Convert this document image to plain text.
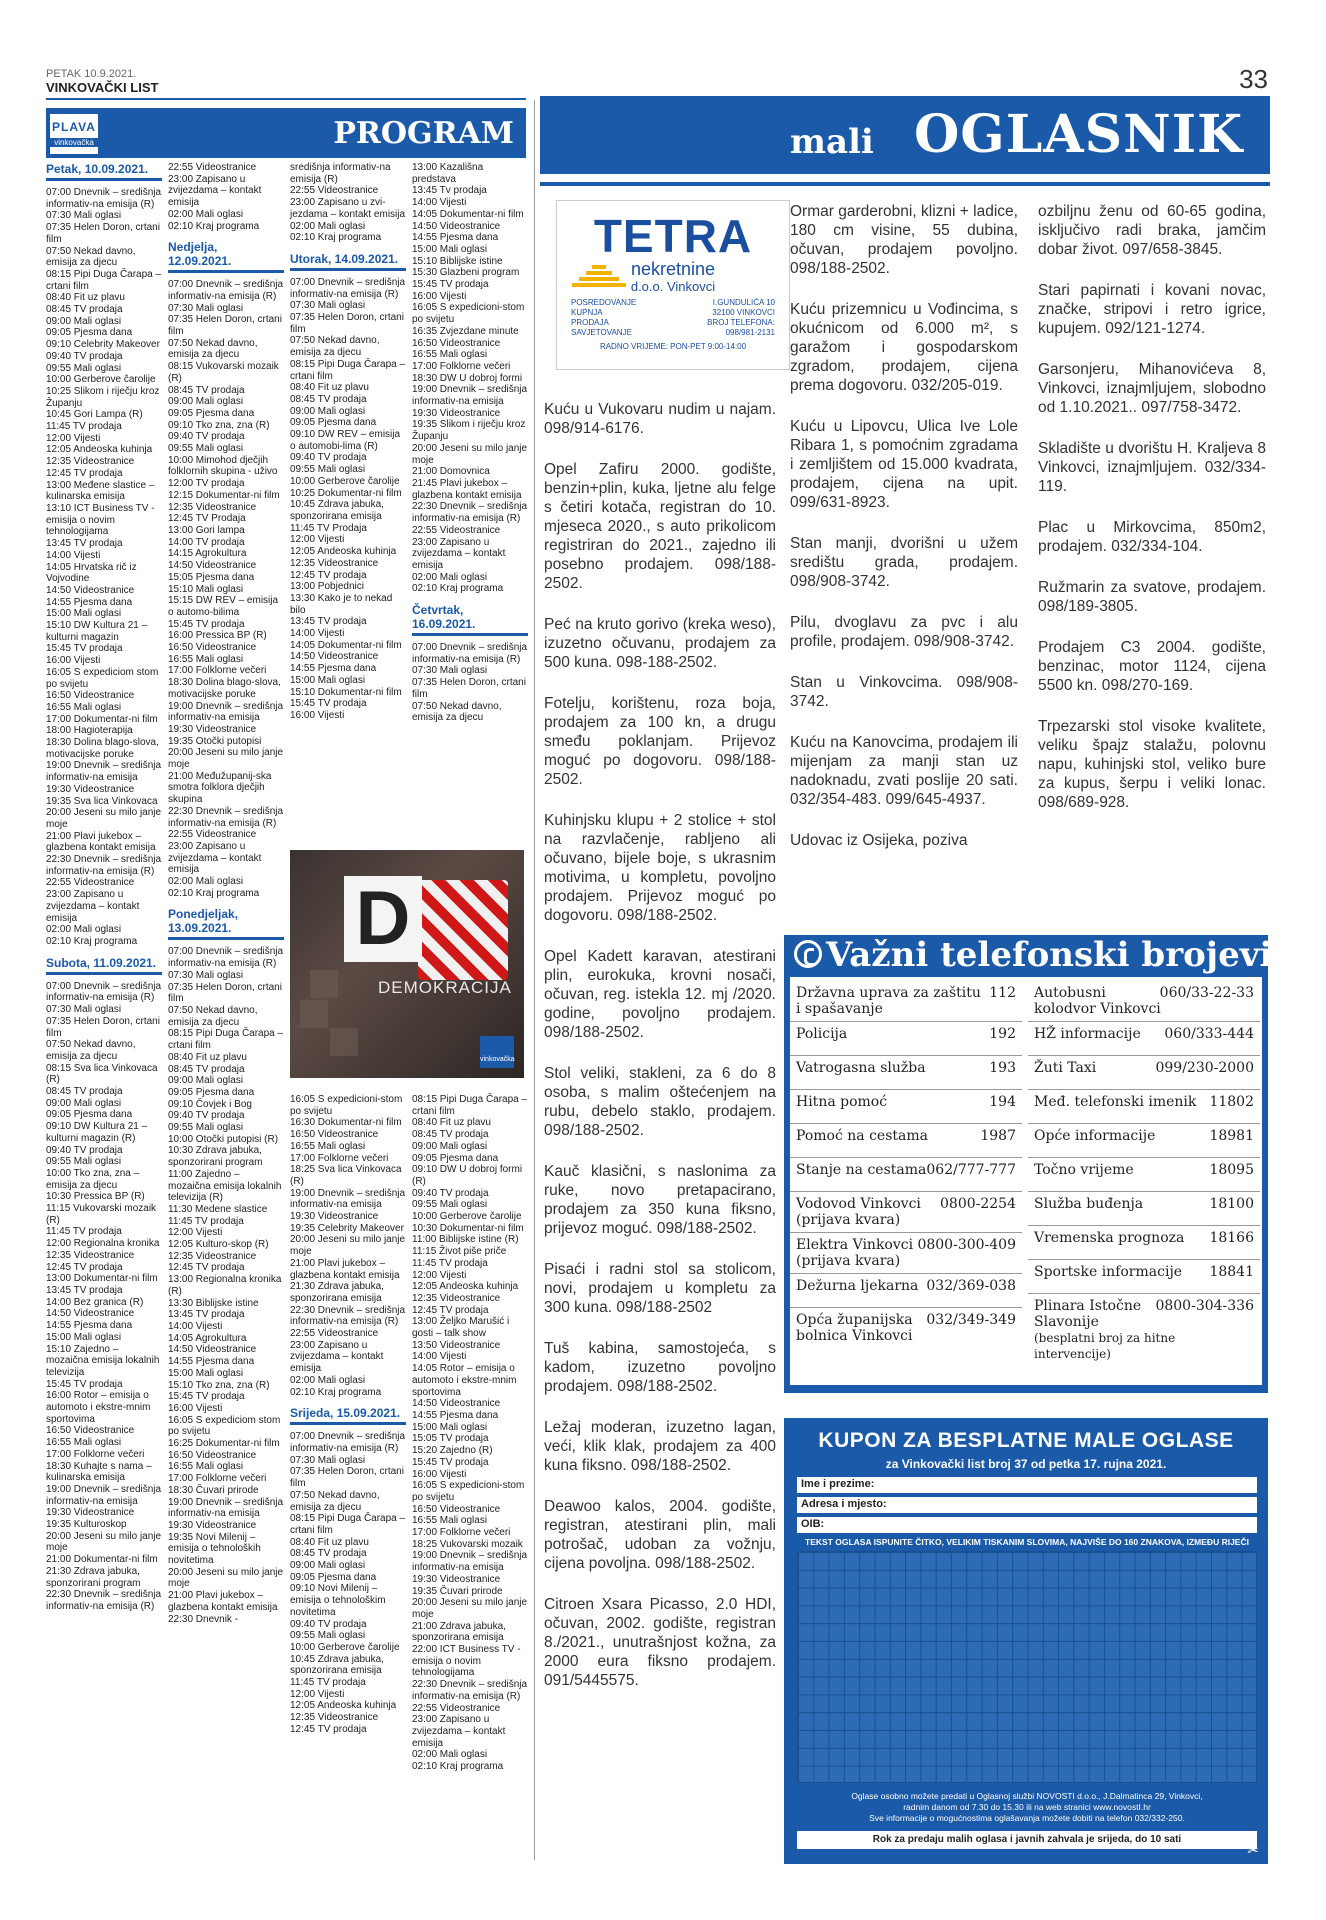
PETAK 10.9.2021.
VINKOVAČKI LIST	33
PLAVA
vinkovačka	PROGRAM
Petak, 10.09.2021.
07:00 Dnevnik – središnja informativ-na emisija (R)
07:30 Mali oglasi
07:35 Helen Doron, crtani film
07:50 Nekad davno, emisija za djecu
08:15 Pipi Duga Čarapa – crtani film
08:40 Fit uz plavu
08:45 TV prodaja
09:00 Mali oglasi
09:05 Pjesma dana
09:10 Celebrity Makeover
09:40 TV prodaja
09:55 Mali oglasi
10:00 Gerberove čarolije
10:25 Slikom i riječju kroz Županju
10:45 Gori Lampa (R)
11:45 TV prodaja
12:00 Vijesti
12:05 Andeoska kuhinja
12:35 Videostranice
12:45 TV prodaja
13:00 Međene slastice – kulinarska emisija
13:10 ICT Business TV - emisija o novim tehnologijama
13:45 TV prodaja
14:00 Vijesti
14:05 Hrvatska rič iz Vojvodine
14:50 Videostranice
14:55 Pjesma dana
15:00 Mali oglasi
15:10 DW Kultura 21 – kulturni magazin
15:45 TV prodaja
16:00 Vijesti
16:05 S expediciom stom po svijetu
16:50 Videostranice
16:55 Mali oglasi
17:00 Dokumentar-ni film
18:00 Hagioterapija
18:30 Dolina blago-slova, motivacijske poruke
19:00 Dnevnik – središnja informativ-na emisija
19:30 Videostranice
19:35 Sva lica Vinkovaca
20:00 Jeseni su milo janje moje
21:00 Plavi jukebox – glazbena kontakt emisija
22:30 Dnevnik – središnja informativ-na emisija (R)
22:55 Videostranice
23:00 Zapisano u zvijezdama – kontakt emisija
02:00 Mali oglasi
02:10 Kraj programa
Subota, 11.09.2021.
07:00 Dnevnik – središnja informativ-na emisija (R)
07:30 Mali oglasi
07:35 Helen Doron, crtani film
07:50 Nekad davno, emisija za djecu
08:15 Sva lica Vinkovaca (R)
08:45 TV prodaja
09:00 Mali oglasi
09:05 Pjesma dana
09:10 DW Kultura 21 – kulturni magazin (R)
09:40 TV prodaja
09:55 Mali oglasi
10:00 Tko zna, zna – emisija za djecu
10:30 Pressica BP (R)
11:15 Vukovarski mozaik (R)
11:45 TV prodaja
12:00 Regionalna kronika
12:35 Videostranice
12:45 TV prodaja
13:00 Dokumentar-ni film
13:45 TV prodaja
14:00 Bez granica (R)
14:50 Videostranice
14:55 Pjesma dana
15:00 Mali oglasi
15:10 Zajedno – mozaična emisija lokalnih televizija
15:45 TV prodaja
16:00 Rotor – emisija o automoto i ekstre-mnim sportovima
16:50 Videostranice
16:55 Mali oglasi
17:00 Folklorne večeri
18:30 Kuhajte s nama – kulinarska emisija
19:00 Dnevnik – središnja informativ-na emisija
19:30 Videostranice
19:35 Kulturoskop
20:00 Jeseni su milo janje moje
21:00 Dokumentar-ni film
21:30 Zdrava jabuka, sponzorirani program
22:30 Dnevnik – središnja informativ-na emisija (R)
22:55 Videostranice
23:00 Zapisano u zvijezdama – kontakt emisija
02:00 Mali oglasi
02:10 Kraj programa
Nedjelja, 12.09.2021.
07:00 Dnevnik – središnja informativ-na emisija (R)
07:30 Mali oglasi
07:35 Helen Doron, crtani film
07:50 Nekad davno, emisija za djecu
08:15 Vukovarski mozaik (R)
08:45 TV prodaja
09:00 Mali oglasi
09:05 Pjesma dana
09:10 Tko zna, zna (R)
09:40 TV prodaja
09:55 Mali oglasi
10:00 Mimohod dječjih folklornih skupina - uživo
12:00 TV prodaja
12:15 Dokumentar-ni film
12:35 Videostranice
12:45 TV Prodaja
13:00 Gori lampa
14:00 TV prodaja
14:15 Agrokultura
14:50 Videostranice
15:05 Pjesma dana
15:10 Mali oglasi
15:15 DW REV – emisija o automo-bilima
15:45 TV prodaja
16:00 Pressica BP (R)
16:50 Videostranice
16:55 Mali oglasi
17:00 Folklorne večeri
18:30 Dolina blago-slova, motivacijske poruke
19:00 Dnevnik – središnja informativ-na emisija
19:30 Videostranice
19:35 Otočki putopisi
20:00 Jeseni su milo janje moje
21:00 Međužupanij-ska smotra folklora dječjih skupina
22:30 Dnevnik – središnja informativ-na emisija (R)
22:55 Videostranice
23:00 Zapisano u zvijezdama – kontakt emisija
02:00 Mali oglasi
02:10 Kraj programa
Ponedjeljak, 13.09.2021.
07:00 Dnevnik – središnja informativ-na emisija (R)
07:30 Mali oglasi
07:35 Helen Doron, crtani film
07:50 Nekad davno, emisija za djecu
08:15 Pipi Duga Čarapa – crtani film
08:40 Fit uz plavu
08:45 TV prodaja
09:00 Mali oglasi
09:05 Pjesma dana
09:10 Čovjek i Bog
09:40 TV prodaja
09:55 Mali oglasi
10:00 Otočki putopisi (R)
10:30 Zdrava jabuka, sponzorirani program
11:00 Zajedno – mozaična emisija lokalnih televizija (R)
11:30 Medene slastice
11:45 TV prodaja
12:00 Vijesti
12:05 Kulturo-skop (R)
12:35 Videostranice
12:45 TV prodaja
13:00 Regionalna kronika (R)
13:30 Biblijske istine
13:45 TV prodaja
14:00 Vijesti
14:05 Agrokultura
14:50 Videostranice
14:55 Pjesma dana
15:00 Mali oglasi
15:10 Tko zna, zna (R)
15:45 TV prodaja
16:00 Vijesti
16:05 S expediciom stom po svijetu
16:25 Dokumentar-ni film
16:50 Videostranice
16:55 Mali oglasi
17:00 Folklorne večeri
18:30 Čuvari prirode
19:00 Dnevnik – središnja informativ-na emisija
19:30 Videostranice
19:35 Novi Milenij – emisija o tehnoloških novitetima
20:00 Jeseni su milo janje moje
21:00 Plavi jukebox – glazbena kontakt emisija
22:30 Dnevnik -
središnja informativ-na emisija (R)
22:55 Videostranice
23:00 Zapisano u zvi-jezdama – kontakt emisija
02:00 Mali oglasi
02:10 Kraj programa
Utorak, 14.09.2021.
07:00 Dnevnik – središnja informativ-na emisija (R)
07:30 Mali oglasi
07:35 Helen Doron, crtani film
07:50 Nekad davno, emisija za djecu
08:15 Pipi Duga Čarapa – crtani film
08:40 Fit uz plavu
08:45 TV prodaja
09:00 Mali oglasi
09:05 Pjesma dana
09:10 DW REV – emisija o automobi-lima (R)
09:40 TV prodaja
09:55 Mali oglasi
10:00 Gerberove čarolije
10:25 Dokumentar-ni film
10:45 Zdrava jabuka, sponzorirana emisija
11:45 TV Prodaja
12:00 Vijesti
12:05 Andeoska kuhinja
12:35 Videostranice
12:45 TV prodaja
13:00 Pobjednici
13:30 Kako je to nekad bilo
13:45 TV prodaja
14:00 Vijesti
14:05 Dokumentar-ni film
14:50 Videostranice
14:55 Pjesma dana
15:00 Mali oglasi
15:10 Dokumentar-ni film
15:45 TV prodaja
16:00 Vijesti
13:00 Kazališna predstava
13:45 Tv prodaja
14:00 Vijesti
14:05 Dokumentar-ni film
14:50 Videostranice
14:55 Pjesma dana
15:00 Mali oglasi
15:10 Biblijske istine
15:30 Glazbeni program
15:45 TV prodaja
16:00 Vijesti
16:05 S expedicioni-stom po svijetu
16:35 Zvjezdane minute
16:50 Videostranice
16:55 Mali oglasi
17:00 Folklorne večeri
18:30 DW U dobroj formi
19:00 Dnevnik – središnja informativ-na emisija
19:30 Videostranice
19:35 Slikom i riječju kroz Županju
20:00 Jeseni su milo janje moje
21:00 Domovnica
21:45 Plavi jukebox – glazbena kontakt emisija
22:30 Dnevnik – središnja informativ-na emisija (R)
22:55 Videostranice
23:00 Zapisano u zvijezdama – kontakt emisija
02:00 Mali oglasi
02:10 Kraj programa
Četvrtak, 16.09.2021.
07:00 Dnevnik – središnja informativ-na emisija (R)
07:30 Mali oglasi
07:35 Helen Doron, crtani film
07:50 Nekad davno, emisija za djecu
16:05 S expedicioni-stom po svijetu
16:30 Dokumentar-ni film
16:50 Videostranice
16:55 Mali oglasi
17:00 Folklorne večeri
18:25 Sva lica Vinkovaca (R)
19:00 Dnevnik – središnja informativ-na emisija
19:30 Videostranice
19:35 Celebrity Makeover
20:00 Jeseni su milo janje moje
21:00 Plavi jukebox – glazbena kontakt emisija
21:30 Zdrava jabuka, sponzorirana emisija
22:30 Dnevnik – središnja informativ-na emisija (R)
22:55 Videostranice
23:00 Zapisano u zvijezdama – kontakt emisija
02:00 Mali oglasi
02:10 Kraj programa
Srijeda, 15.09.2021.
07:00 Dnevnik – središnja informativ-na emisija (R)
07:30 Mali oglasi
07:35 Helen Doron, crtani film
07:50 Nekad davno, emisija za djecu
08:15 Pipi Duga Čarapa – crtani film
08:40 Fit uz plavu
08:45 TV prodaja
09:00 Mali oglasi
09:05 Pjesma dana
09:10 Novi Milenij – emisija o tehnološkim novitetima
09:40 TV prodaja
09:55 Mali oglasi
10:00 Gerberove čarolije
10:45 Zdrava jabuka, sponzorirana emisija
11:45 TV prodaja
12:00 Vijesti
12:05 Andeoska kuhinja
12:35 Videostranice
12:45 TV prodaja
08:15 Pipi Duga Čarapa – crtani film
08:40 Fit uz plavu
08:45 TV prodaja
09:00 Mali oglasi
09:05 Pjesma dana
09:10 DW U dobroj formi (R)
09:40 TV prodaja
09:55 Mali oglasi
10:00 Gerberove čarolije
10:30 Dokumentar-ni film
11:00 Biblijske istine (R)
11:15 Život piše priče
11:45 TV prodaja
12:00 Vijesti
12:05 Andeoska kuhinja
12:35 Videostranice
12:45 TV prodaja
13:00 Željko Marušić i gosti – talk show
13:50 Videostranice
14:00 Vijesti
14:05 Rotor – emisija o automoto i ekstre-mnim sportovima
14:50 Videostranice
14:55 Pjesma dana
15:00 Mali oglasi
15:05 TV prodaja
15:20 Zajedno (R)
15:45 TV prodaja
16:00 Vijesti
16:05 S expedicioni-stom po svijetu
16:50 Videostranice
16:55 Mali oglasi
17:00 Folklorne večeri
18:25 Vukovarski mozaik
19:00 Dnevnik – središnja informativ-na emisija
19:30 Videostranice
19:35 Čuvari prirode
20:00 Jeseni su milo janje moje
21:00 Zdrava jabuka, sponzorirana emisija
22:00 ICT Business TV - emisija o novim tehnologijama
22:30 Dnevnik – središnja informativ-na emisija (R)
22:55 Videostranice
23:00 Zapisano u zvijezdama – kontakt emisija
02:00 Mali oglasi
02:10 Kraj programa
D
DEMOKRACIJA
vinkovačka
mali OGLASNIK
TETRA
nekretnine
d.o.o. Vinkovci
POSREDOVANJE
KUPNJA
PRODAJA
SAVJETOVANJE
I.GUNDULIĆA 10
32100 VINKOVCI
BROJ TELEFONA:
098/981-2131
RADNO VRIJEME: PON-PET 9:00-14:00
Kuću u Vukovaru nudim u najam. 098/914-6176.
Opel Zafiru 2000. godište, benzin+plin, kuka, ljetne alu felge s četiri kotača, registran do 10. mjeseca 2020., s auto prikolicom registriran do 2021., zajedno ili posebno prodajem. 098/188-2502.
Peć na kruto gorivo (kreka weso), izuzetno očuvanu, prodajem za 500 kuna. 098-188-2502.
Fotelju, korištenu, roza boja, prodajem za 100 kn, a drugu smeđu poklanjam. Prijevoz moguć po dogovoru. 098/188-2502.
Kuhinjsku klupu + 2 stolice + stol na razvlačenje, rabljeno ali očuvano, bijele boje, s ukrasnim motivima, u kompletu, povoljno prodajem. Prijevoz moguć po dogovoru. 098/188-2502.
Opel Kadett karavan, atestirani plin, eurokuka, krovni nosači, očuvan, reg. istekla 12. mj /2020. godine, povoljno prodajem. 098/188-2502.
Stol veliki, stakleni, za 6 do 8 osoba, s malim oštećenjem na rubu, debelo staklo, prodajem. 098/188-2502.
Kauč klasični, s naslonima za ruke, novo pretapacirano, prodajem za 350 kuna fiksno, prijevoz moguć. 098/188-2502.
Pisaći i radni stol sa stolicom, novi, prodajem u kompletu za 300 kuna. 098/188-2502
Tuš kabina, samostojeća, s kadom, izuzetno povoljno prodajem. 098/188-2502.
Ležaj moderan, izuzetno lagan, veći, klik klak, prodajem za 400 kuna fiksno. 098/188-2502.
Deawoo kalos, 2004. godište, registran, atestirani plin, mali potrošač, udoban za vožnju, cijena povoljna. 098/188-2502.
Citroen Xsara Picasso, 2.0 HDI, očuvan, 2002. godište, registran 8./2021., unutrašnjost kožna, za 2000 eura fiksno prodajem. 091/5445575.
Ormar garderobni, klizni + ladice, 180 cm visine, 55 dubina, očuvan, prodajem povoljno. 098/188-2502.
Kuću prizemnicu u Vođincima, s okućnicom od 6.000 m², s garažom i gospodarskom zgradom, prodajem, cijena prema dogovoru. 032/205-019.
Kuću u Lipovcu, Ulica Ive Lole Ribara 1, s pomoćnim zgradama i zemljištem od 15.000 kvadrata, prodajem, cijena na upit. 099/631-8923.
Stan manji, dvorišni u užem središtu grada, prodajem. 098/908-3742.
Pilu, dvoglavu za pvc i alu profile, prodajem. 098/908-3742.
Stan u Vinkovcima. 098/908-3742.
Kuću na Kanovcima, prodajem ili mijenjam za manji stan uz nadoknadu, zvati poslije 20 sati. 032/354-483. 099/645-4937.
Udovac iz Osijeka, poziva
ozbiljnu ženu od 60-65 godina, isključivo radi braka, jamčim dobar život. 097/658-3845.
Stari papirnati i kovani novac, značke, stripovi i retro igrice, kupujem. 092/121-1274.
Garsonjeru, Mihanovićeva 8, Vinkovci, iznajmljujem, slobodno od 1.10.2021.. 097/758-3472.
Skladište u dvorištu H. Kraljeva 8 Vinkovci, iznajmljujem. 032/334-119.
Plac u Mirkovcima, 850m2, prodajem. 032/334-104.
Ružmarin za svatove, prodajem. 098/189-3805.
Prodajem C3 2004. godište, benzinac, motor 1124, cijena 5500 kn. 098/270-169.
Trpezarski stol visoke kvalitete, veliku špajz stalažu, polovnu napu, kuhinjski stol, veliko bure za kupus, šerpu i veliki lonac. 098/689-928.
Važni telefonski brojevi
112
Državna uprava za zaštitu i spašavanje
192
Policija
193
Vatrogasna služba
194
Hitna pomoć
1987
Pomoć na cestama
062/777-777
Stanje na cestama
0800-2254
Vodovod Vinkovci (prijava kvara)
0800-300-409
Elektra Vinkovci (prijava kvara)
032/369-038
Dežurna ljekarna
032/349-349
Opća županijska bolnica Vinkovci
060/33-22-33
Autobusni kolodvor Vinkovci
060/333-444
HŽ informacije
099/230-2000
Žuti Taxi
11802
Međ. telefonski imenik
18981
Opće informacije
18095
Točno vrijeme
18100
Služba buđenja
18166
Vremenska prognoza
18841
Sportske informacije
0800-304-336
Plinara Istočne Slavonije
(besplatni broj za hitne intervencije)
KUPON ZA BESPLATNE MALE OGLASE
za Vinkovački list broj 37 od petka 17. rujna 2021.
Ime i prezime:
Adresa i mjesto:
OIB:
TEKST OGLASA ISPUNITE ČITKO, VELIKIM TISKANIM SLOVIMA, NAJVIŠE DO 160 ZNAKOVA, IZMEĐU RIJEČI
Oglase osobno možete predati u Oglasnoj službi NOVOSTI d.o.o., J.Dalmatinca 29, Vinkovci,
radnim danom od 7.30 do 15.30 ili na web stranici www.novostI.hr
Sve informacije o mogućnostima oglašavanja možete dobiti na telefon 032/332-250.
Rok za predaju malih oglasa i javnih zahvala je srijeda, do 10 sati
✂
